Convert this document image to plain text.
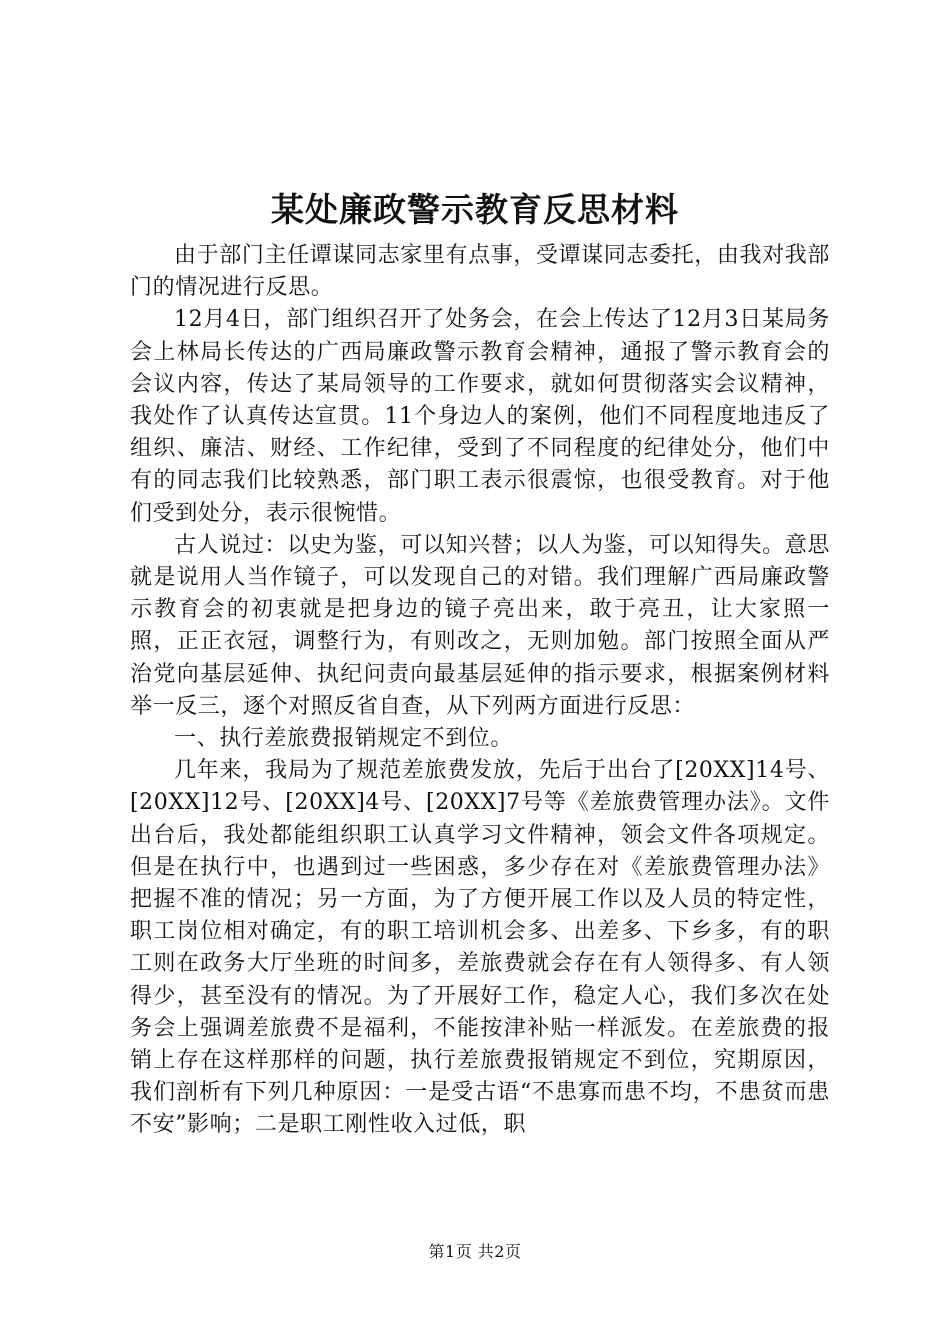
某处廉政警示教育反思材料

由于部门主任谭谋同志家里有点事，受谭谋同志委托，由我对我部门的情况进行反思。

12月4日，部门组织召开了处务会，在会上传达了12月3日某局务会上林局长传达的广西局廉政警示教育会精神，通报了警示教育会的会议内容，传达了某局领导的工作要求，就如何贯彻落实会议精神，我处作了认真传达宣贯。11个身边人的案例，他们不同程度地违反了组织、廉洁、财经、工作纪律，受到了不同程度的纪律处分，他们中有的同志我们比较熟悉，部门职工表示很震惊，也很受教育。对于他们受到处分，表示很惋惜。

古人说过：以史为鉴，可以知兴替；以人为鉴，可以知得失。意思就是说用人当作镜子，可以发现自己的对错。我们理解广西局廉政警示教育会的初衷就是把身边的镜子亮出来，敢于亮丑，让大家照一照，正正衣冠，调整行为，有则改之，无则加勉。部门按照全面从严治党向基层延伸、执纪问责向最基层延伸的指示要求，根据案例材料举一反三，逐个对照反省自查，从下列两方面进行反思：

一、执行差旅费报销规定不到位。

几年来，我局为了规范差旅费发放，先后于出台了[20XX]14号、[20XX]12号、[20XX]4号、[20XX]7号等《差旅费管理办法》。文件出台后，我处都能组织职工认真学习文件精神，领会文件各项规定。但是在执行中，也遇到过一些困惑，多少存在对《差旅费管理办法》把握不准的情况；另一方面，为了方便开展工作以及人员的特定性，职工岗位相对确定，有的职工培训机会多、出差多、下乡多，有的职工则在政务大厅坐班的时间多，差旅费就会存在有人领得多、有人领得少，甚至没有的情况。为了开展好工作，稳定人心，我们多次在处务会上强调差旅费不是福利，不能按津补贴一样派发。在差旅费的报销上存在这样那样的问题，执行差旅费报销规定不到位，究期原因，我们剖析有下列几种原因：一是受古语“不患寡而患不均，不患贫而患不安”影响；二是职工刚性收入过低，职

第1页 共2页
